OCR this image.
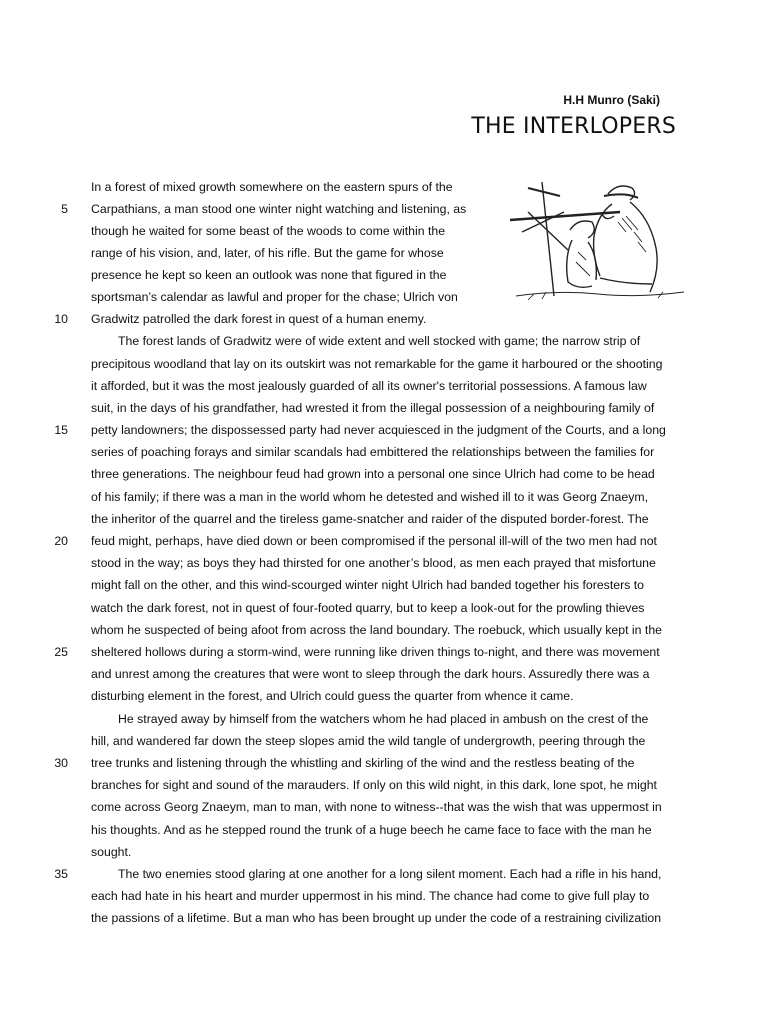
H.H Munro (Saki)
THE INTERLOPERS
5
10
15
20
25
30
35
In a forest of mixed growth somewhere on the eastern spurs of the
Carpathians, a man stood one winter night watching and listening, as
though he waited for some beast of the woods to come within the
range of his vision, and, later, of his rifle. But the game for whose
presence he kept so keen an outlook was none that figured in the
sportsman’s calendar as lawful and proper for the chase; Ulrich von
Gradwitz patrolled the dark forest in quest of a human enemy.
The forest lands of Gradwitz were of wide extent and well stocked with game; the narrow strip of
precipitous woodland that lay on its outskirt was not remarkable for the game it harboured or the shooting
it afforded, but it was the most jealously guarded of all its owner's territorial possessions. A famous law
suit, in the days of his grandfather, had wrested it from the illegal possession of a neighbouring family of
petty landowners; the dispossessed party had never acquiesced in the judgment of the Courts, and a long
series of poaching forays and similar scandals had embittered the relationships between the families for
three generations. The neighbour feud had grown into a personal one since Ulrich had come to be head
of his family; if there was a man in the world whom he detested and wished ill to it was Georg Znaeym,
the inheritor of the quarrel and the tireless game-snatcher and raider of the disputed border-forest. The
feud might, perhaps, have died down or been compromised if the personal ill-will of the two men had not
stood in the way; as boys they had thirsted for one another’s blood, as men each prayed that misfortune
might fall on the other, and this wind-scourged winter night Ulrich had banded together his foresters to
watch the dark forest, not in quest of four-footed quarry, but to keep a look-out for the prowling thieves
whom he suspected of being afoot from across the land boundary. The roebuck, which usually kept in the
sheltered hollows during a storm-wind, were running like driven things to-night, and there was movement
and unrest among the creatures that were wont to sleep through the dark hours. Assuredly there was a
disturbing element in the forest, and Ulrich could guess the quarter from whence it came.
He strayed away by himself from the watchers whom he had placed in ambush on the crest of the
hill, and wandered far down the steep slopes amid the wild tangle of undergrowth, peering through the
tree trunks and listening through the whistling and skirling of the wind and the restless beating of the
branches for sight and sound of the marauders. If only on this wild night, in this dark, lone spot, he might
come across Georg Znaeym, man to man, with none to witness--that was the wish that was uppermost in
his thoughts. And as he stepped round the trunk of a huge beech he came face to face with the man he
sought.
The two enemies stood glaring at one another for a long silent moment. Each had a rifle in his hand,
each had hate in his heart and murder uppermost in his mind. The chance had come to give full play to
the passions of a lifetime. But a man who has been brought up under the code of a restraining civilization
